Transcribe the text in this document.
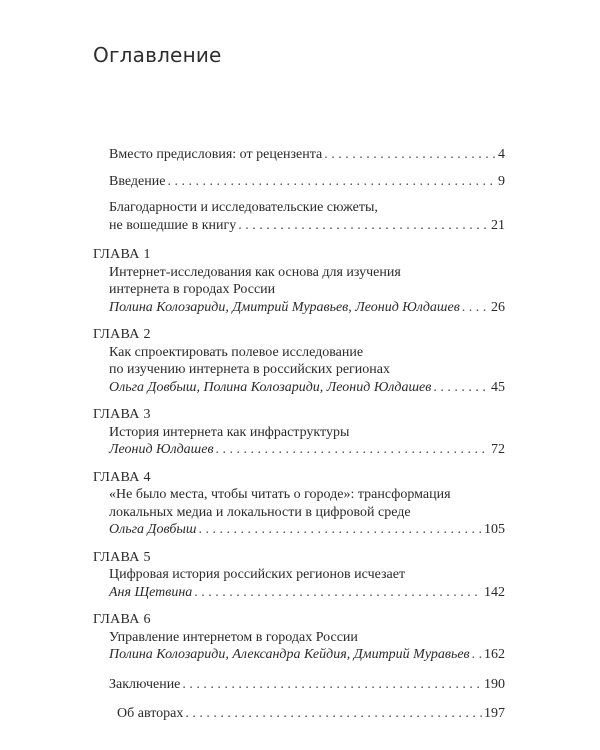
Оглавление
Вместо предисловия: от рецензента . . .	4
Введение . . .	9
Благодарности и исследовательские сюжеты,
не вошедшие в книгу . . .	21
ГЛАВА 1
Интернет-исследования как основа для изучения
интернета в городах России
Полина Колозариди, Дмитрий Муравьев, Леонид Юлдашев . . . 26
ГЛАВА 2
Как спроектировать полевое исследование
по изучению интернета в российских регионах
Ольга Довбыш, Полина Колозариди, Леонид Юлдашев . . .	45
ГЛАВА 3
История интернета как инфраструктуры
Леонид Юлдашев . . .	72
ГЛАВА 4
«Не было места, чтобы читать о городе»: трансформация
локальных медиа и локальности в цифровой среде
Ольга Довбыш . . .	105
ГЛАВА 5
Цифровая история российских регионов исчезает
Аня Щетвина . . .	142
ГЛАВА 6
Управление интернетом в городах России
Полина Колозариди, Александра Кейдия, Дмитрий Муравьев . . . 162
Заключение . . .	190
Об авторах . . .	197
